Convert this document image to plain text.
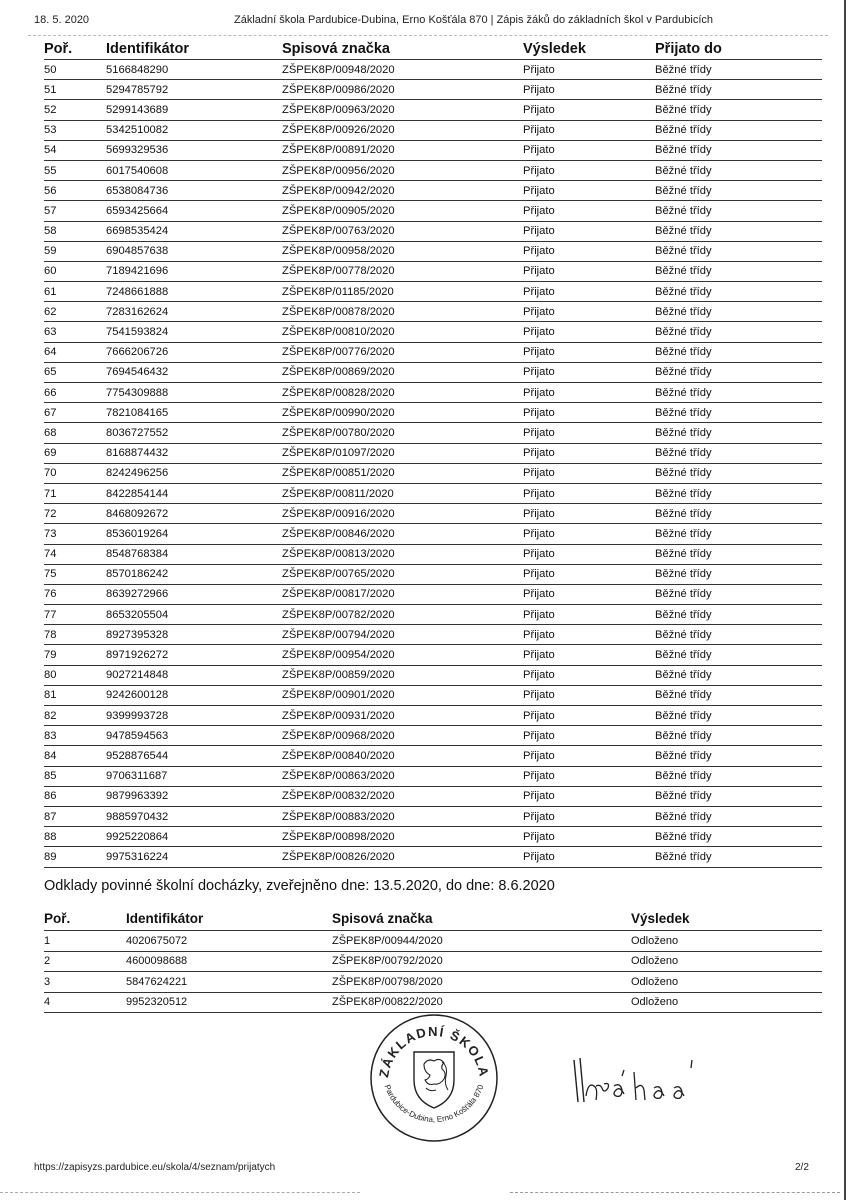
18. 5. 2020	Základní škola Pardubice-Dubina, Erno Košťála 870 | Zápis žáků do základních škol v Pardubicích
Poř.	Identifikátor	Spisová značka	Výsledek	Přijato do
50	5166848290	ZŠPEK8P/00948/2020	Přijato	Běžné třídy
51	5294785792	ZŠPEK8P/00986/2020	Přijato	Běžné třídy
52	5299143689	ZŠPEK8P/00963/2020	Přijato	Běžné třídy
53	5342510082	ZŠPEK8P/00926/2020	Přijato	Běžné třídy
54	5699329536	ZŠPEK8P/00891/2020	Přijato	Běžné třídy
55	6017540608	ZŠPEK8P/00956/2020	Přijato	Běžné třídy
56	6538084736	ZŠPEK8P/00942/2020	Přijato	Běžné třídy
57	6593425664	ZŠPEK8P/00905/2020	Přijato	Běžné třídy
58	6698535424	ZŠPEK8P/00763/2020	Přijato	Běžné třídy
59	6904857638	ZŠPEK8P/00958/2020	Přijato	Běžné třídy
60	7189421696	ZŠPEK8P/00778/2020	Přijato	Běžné třídy
61	7248661888	ZŠPEK8P/01185/2020	Přijato	Běžné třídy
62	7283162624	ZŠPEK8P/00878/2020	Přijato	Běžné třídy
63	7541593824	ZŠPEK8P/00810/2020	Přijato	Běžné třídy
64	7666206726	ZŠPEK8P/00776/2020	Přijato	Běžné třídy
65	7694546432	ZŠPEK8P/00869/2020	Přijato	Běžné třídy
66	7754309888	ZŠPEK8P/00828/2020	Přijato	Běžné třídy
67	7821084165	ZŠPEK8P/00990/2020	Přijato	Běžné třídy
68	8036727552	ZŠPEK8P/00780/2020	Přijato	Běžné třídy
69	8168874432	ZŠPEK8P/01097/2020	Přijato	Běžné třídy
70	8242496256	ZŠPEK8P/00851/2020	Přijato	Běžné třídy
71	8422854144	ZŠPEK8P/00811/2020	Přijato	Běžné třídy
72	8468092672	ZŠPEK8P/00916/2020	Přijato	Běžné třídy
73	8536019264	ZŠPEK8P/00846/2020	Přijato	Běžné třídy
74	8548768384	ZŠPEK8P/00813/2020	Přijato	Běžné třídy
75	8570186242	ZŠPEK8P/00765/2020	Přijato	Běžné třídy
76	8639272966	ZŠPEK8P/00817/2020	Přijato	Běžné třídy
77	8653205504	ZŠPEK8P/00782/2020	Přijato	Běžné třídy
78	8927395328	ZŠPEK8P/00794/2020	Přijato	Běžné třídy
79	8971926272	ZŠPEK8P/00954/2020	Přijato	Běžné třídy
80	9027214848	ZŠPEK8P/00859/2020	Přijato	Běžné třídy
81	9242600128	ZŠPEK8P/00901/2020	Přijato	Běžné třídy
82	9399993728	ZŠPEK8P/00931/2020	Přijato	Běžné třídy
83	9478594563	ZŠPEK8P/00968/2020	Přijato	Běžné třídy
84	9528876544	ZŠPEK8P/00840/2020	Přijato	Běžné třídy
85	9706311687	ZŠPEK8P/00863/2020	Přijato	Běžné třídy
86	9879963392	ZŠPEK8P/00832/2020	Přijato	Běžné třídy
87	9885970432	ZŠPEK8P/00883/2020	Přijato	Běžné třídy
88	9925220864	ZŠPEK8P/00898/2020	Přijato	Běžné třídy
89	9975316224	ZŠPEK8P/00826/2020	Přijato	Běžné třídy
Odklady povinné školní docházky, zveřejněno dne: 13.5.2020, do dne: 8.6.2020
Poř.	Identifikátor	Spisová značka	Výsledek
1	4020675072	ZŠPEK8P/00944/2020	Odloženo
2	4600098688	ZŠPEK8P/00792/2020	Odloženo
3	5847624221	ZŠPEK8P/00798/2020	Odloženo
4	9952320512	ZŠPEK8P/00822/2020	Odloženo
ZÁKLADNÍ ŠKOLA
Pardubice-Dubina, Erno Košťála 870
https://zapisyzs.pardubice.eu/skola/4/seznam/prijatych	2/2
